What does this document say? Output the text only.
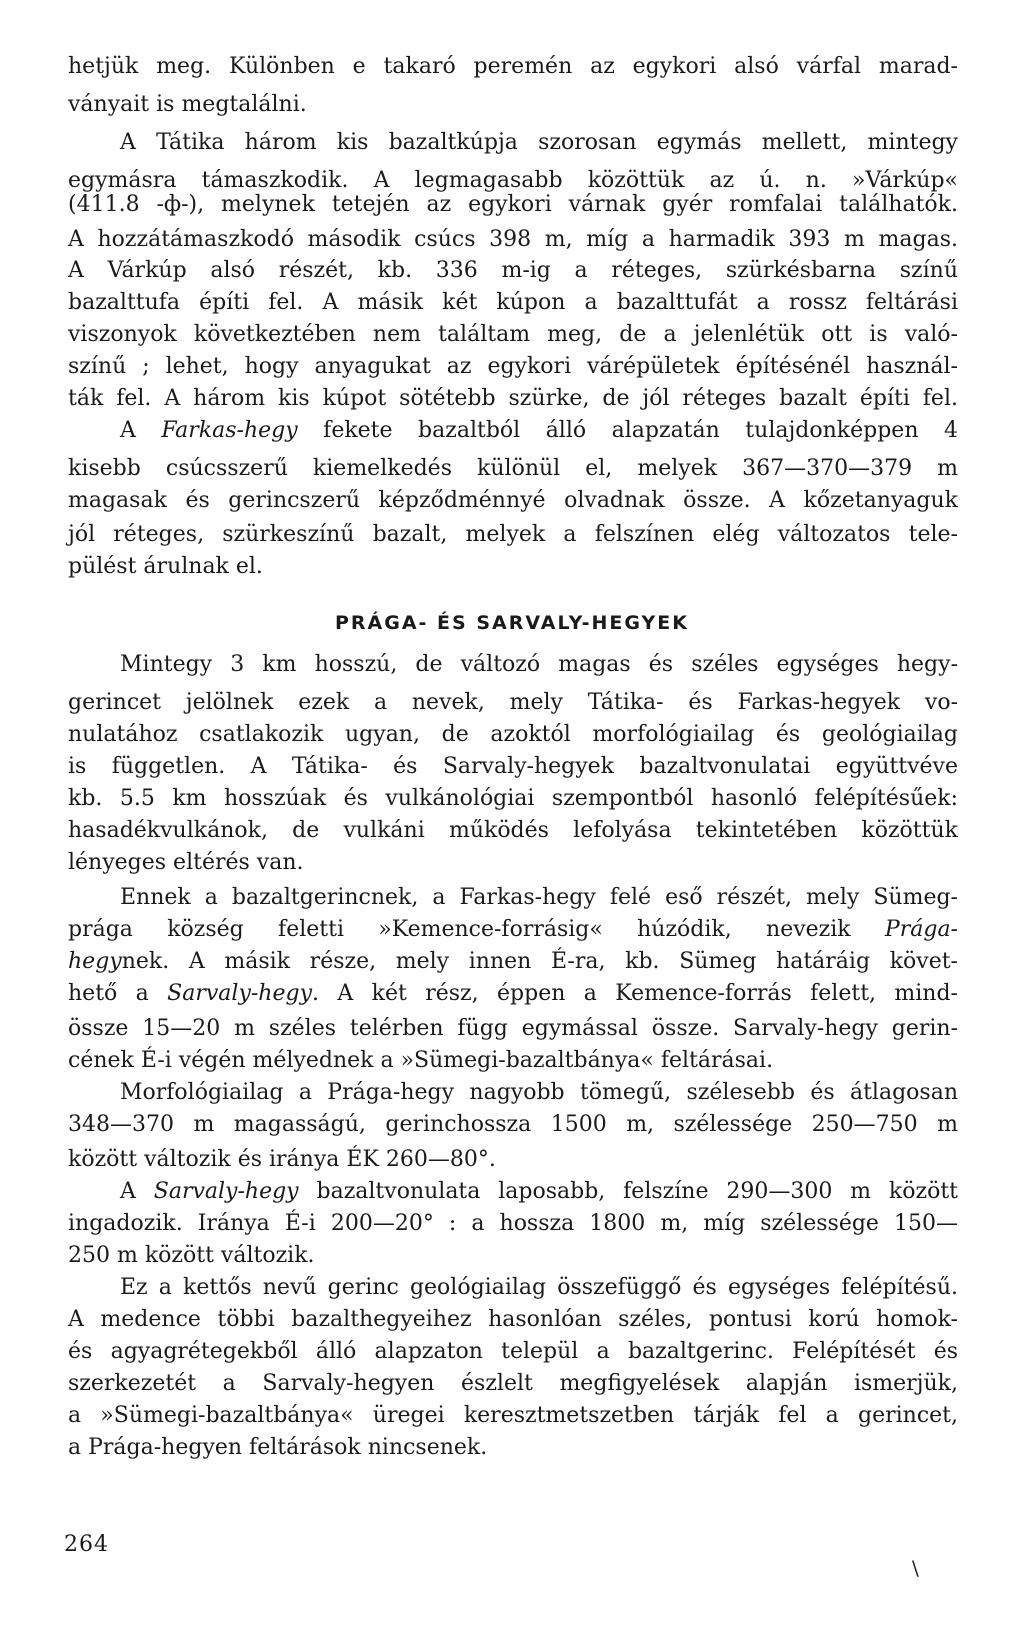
hetjük meg. Különben e takaró peremén az egykori alsó várfal marad-
ványait is megtalálni.
A Tátika három kis bazaltkúpja szorosan egymás mellett, mintegy
egymásra támaszkodik. A legmagasabb közöttük az ú. n. »Várkúp«
(411.8 -ф-), melynek tetején az egykori várnak gyér romfalai találhatók.
A hozzátámaszkodó második csúcs 398 m, míg a harmadik 393 m magas.
A Várkúp alsó részét, kb. 336 m-ig a réteges, szürkésbarna színű
bazalttufa építi fel. A másik két kúpon a bazalttufát a rossz feltárási
viszonyok következtében nem találtam meg, de a jelenlétük ott is való-
színű ; lehet, hogy anyagukat az egykori várépületek építésénél használ-
ták fel. A három kis kúpot sötétebb szürke, de jól réteges bazalt építi fel.
A Farkas-hegy fekete bazaltból álló alapzatán tulajdonképpen 4
kisebb csúcsszerű kiemelkedés különül el, melyek 367—370—379 m
magasak és gerincszerű képződménnyé olvadnak össze. A kőzetanyaguk
jól réteges, szürkeszínű bazalt, melyek a felszínen elég változatos tele-
pülést árulnak el.
PRÁGA- ÉS SARVALY-HEGYEK
Mintegy 3 km hosszú, de változó magas és széles egységes hegy-
gerincet jelölnek ezek a nevek, mely Tátika- és Farkas-hegyek vo-
nulatához csatlakozik ugyan, de azoktól morfológiailag és geológiailag
is független. A Tátika- és Sarvaly-hegyek bazaltvonulatai együttvéve
kb. 5.5 km hosszúak és vulkánológiai szempontból hasonló felépítésűek:
hasadékvulkánok, de vulkáni működés lefolyása tekintetében közöttük
lényeges eltérés van.
Ennek a bazaltgerincnek, a Farkas-hegy felé eső részét, mely Sümeg-
prága község feletti »Kemence-forrásig« húzódik, nevezik Prága-
hegynek. A másik része, mely innen É-ra, kb. Sümeg határáig követ-
hető a Sarvaly-hegy. A két rész, éppen a Kemence-forrás felett, mind-
össze 15—20 m széles telérben függ egymással össze. Sarvaly-hegy gerin-
cének É-i végén mélyednek a »Sümegi-bazaltbánya« feltárásai.
Morfológiailag a Prága-hegy nagyobb tömegű, szélesebb és átlagosan
348—370 m magasságú, gerinchossza 1500 m, szélessége 250—750 m
között változik és iránya ÉK 260—80°.
A Sarvaly-hegy bazaltvonulata laposabb, felszíne 290—300 m között
ingadozik. Iránya É-i 200—20° : a hossza 1800 m, míg szélessége 150—
250 m között változik.
Ez a kettős nevű gerinc geológiailag összefüggő és egységes felépítésű.
A medence többi bazalthegyeihez hasonlóan széles, pontusi korú homok-
és agyagrétegekből álló alapzaton települ a bazaltgerinc. Felépítését és
szerkezetét a Sarvaly-hegyen észlelt megfigyelések alapján ismerjük,
a »Sümegi-bazaltbánya« üregei keresztmetszetben tárják fel a gerincet,
a Prága-hegyen feltárások nincsenek.
264
\
